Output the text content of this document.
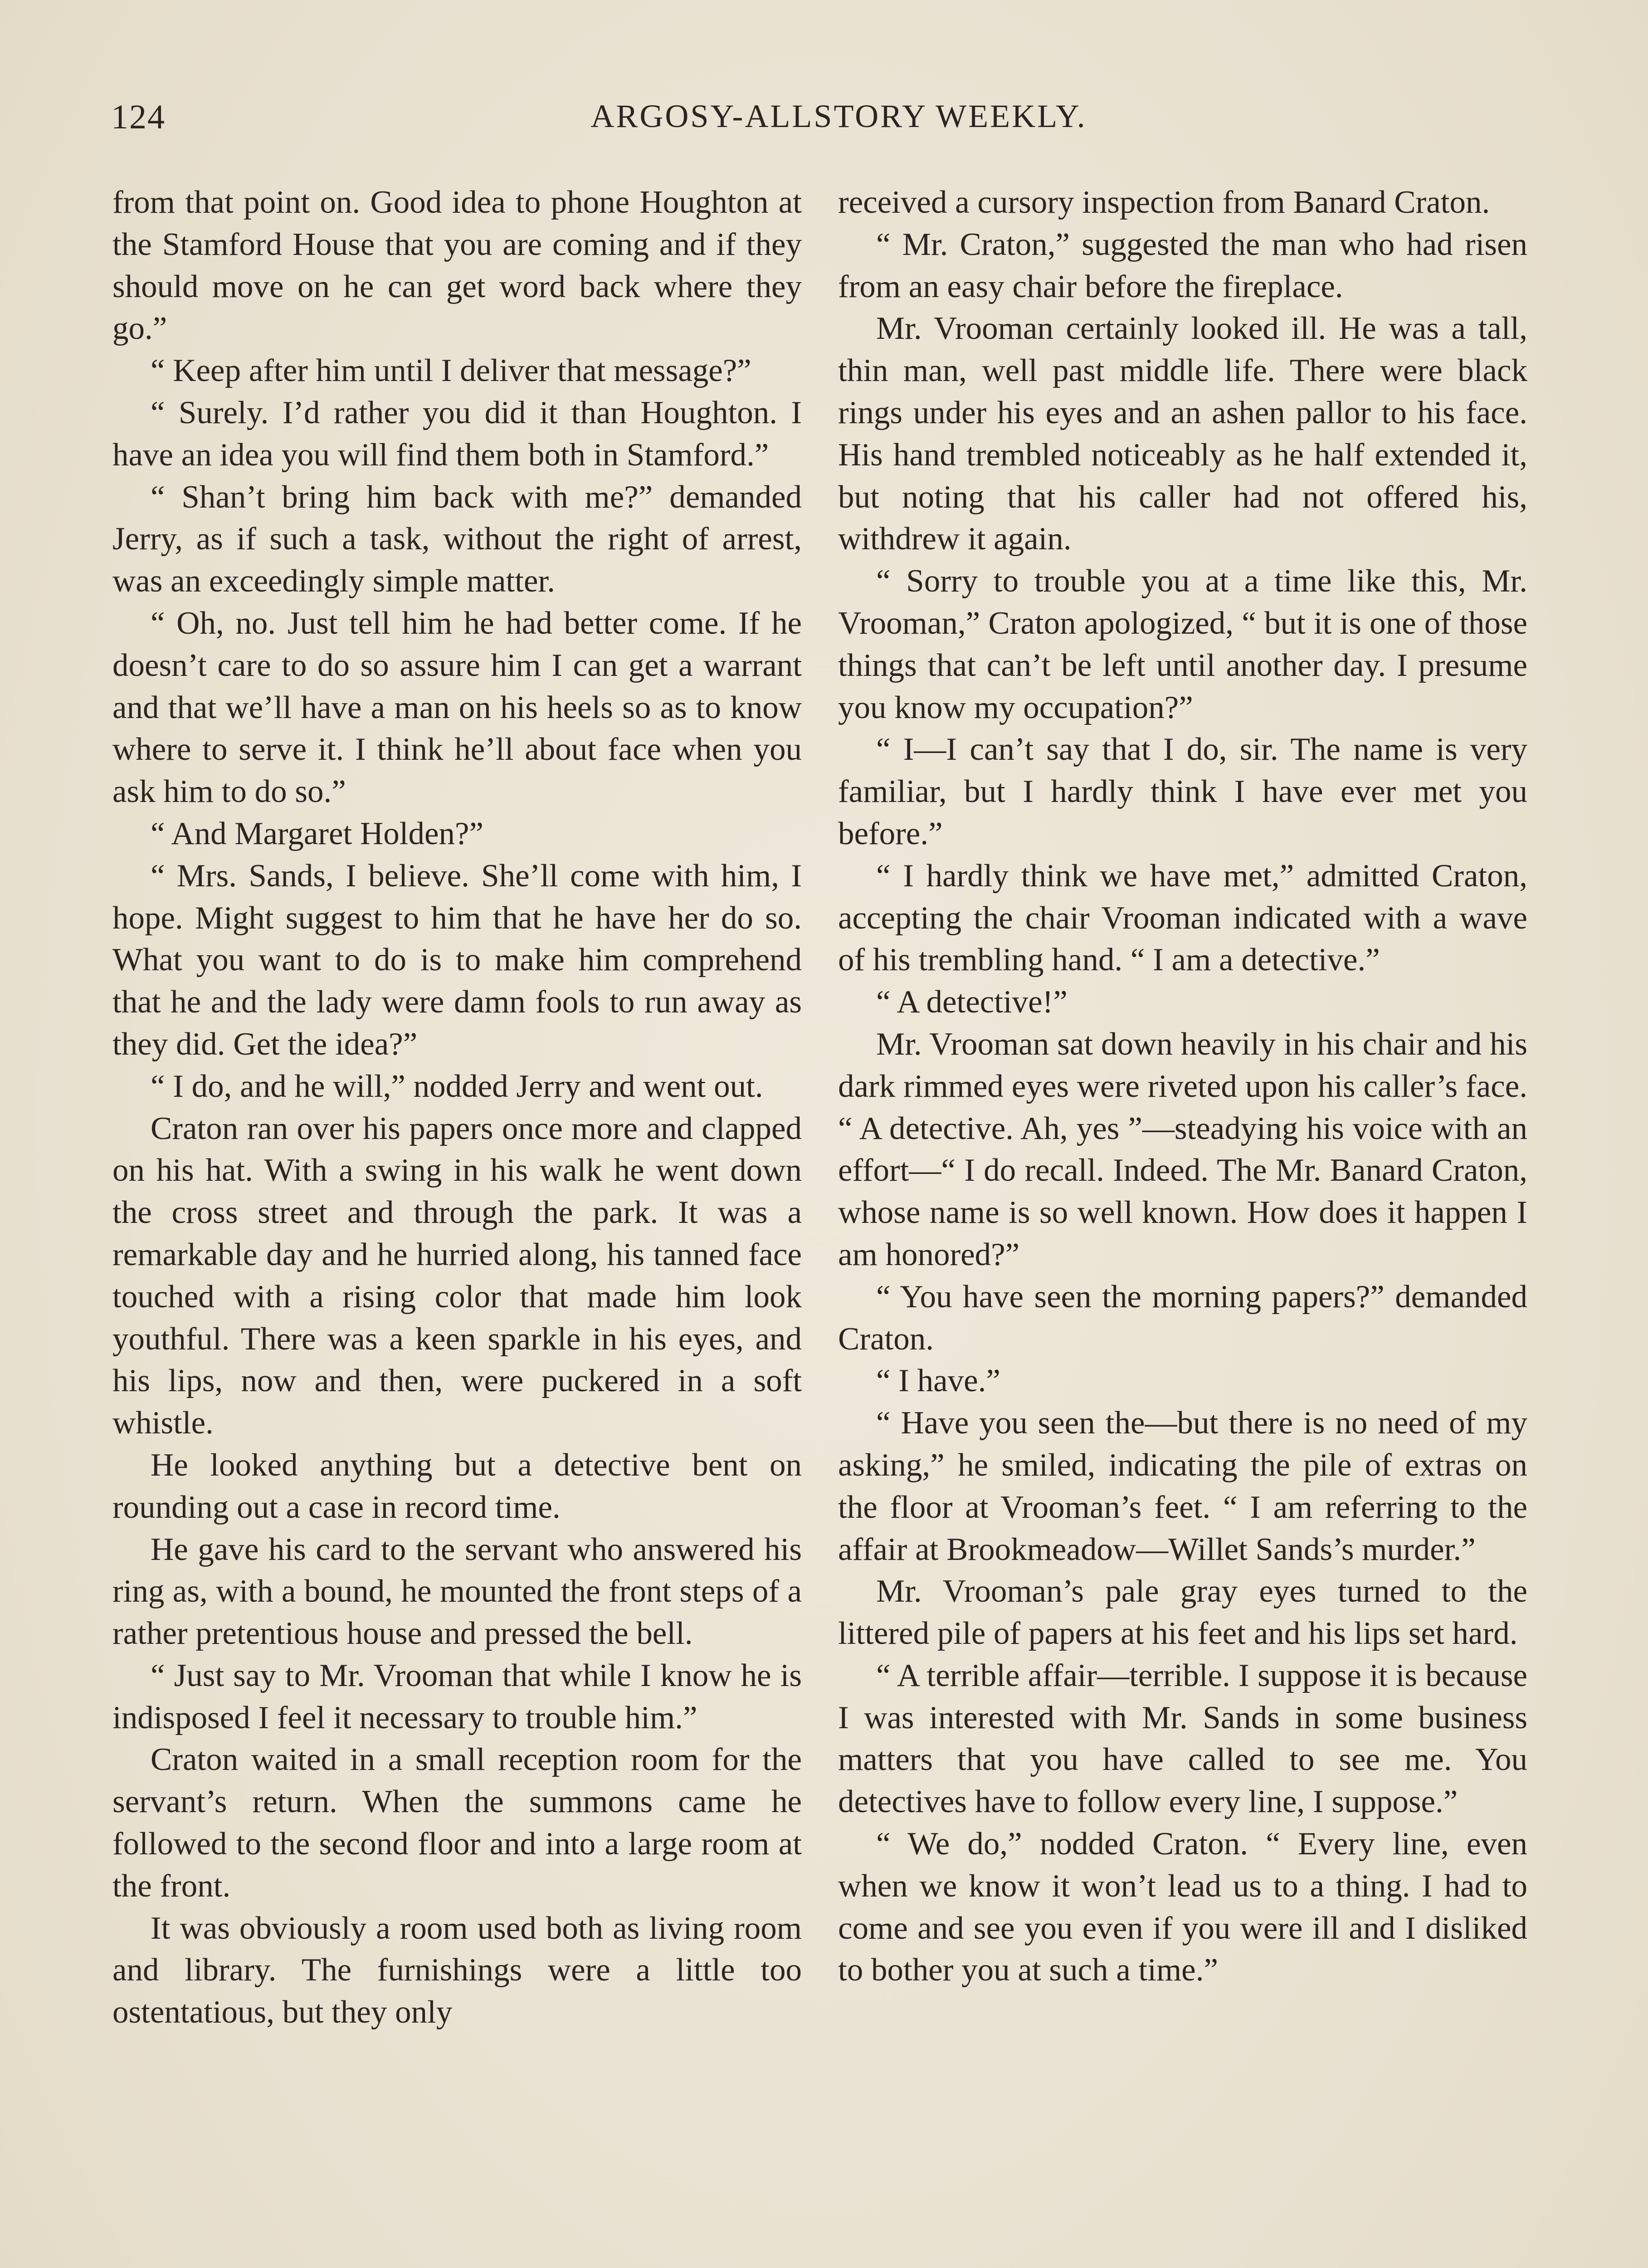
124	ARGOSY-ALLSTORY WEEKLY.

from that point on. Good idea to phone Houghton at the Stamford House that you are coming and if they should move on he can get word back where they go.”

“ Keep after him until I deliver that message?”

“ Surely. I’d rather you did it than Houghton. I have an idea you will find them both in Stamford.”

“ Shan’t bring him back with me?” demanded Jerry, as if such a task, without the right of arrest, was an exceedingly simple matter.

“ Oh, no. Just tell him he had better come. If he doesn’t care to do so assure him I can get a warrant and that we’ll have a man on his heels so as to know where to serve it. I think he’ll about face when you ask him to do so.”

“ And Margaret Holden?”

“ Mrs. Sands, I believe. She’ll come with him, I hope. Might suggest to him that he have her do so. What you want to do is to make him comprehend that he and the lady were damn fools to run away as they did. Get the idea?”

“ I do, and he will,” nodded Jerry and went out.

Craton ran over his papers once more and clapped on his hat. With a swing in his walk he went down the cross street and through the park. It was a remarkable day and he hurried along, his tanned face touched with a rising color that made him look youthful. There was a keen sparkle in his eyes, and his lips, now and then, were puckered in a soft whistle.

He looked anything but a detective bent on rounding out a case in record time.

He gave his card to the servant who answered his ring as, with a bound, he mounted the front steps of a rather pretentious house and pressed the bell.

“ Just say to Mr. Vrooman that while I know he is indisposed I feel it necessary to trouble him.”

Craton waited in a small reception room for the servant’s return. When the summons came he followed to the second floor and into a large room at the front.

It was obviously a room used both as living room and library. The furnishings were a little too ostentatious, but they only

received a cursory inspection from Banard Craton.

“ Mr. Craton,” suggested the man who had risen from an easy chair before the fireplace.

Mr. Vrooman certainly looked ill. He was a tall, thin man, well past middle life. There were black rings under his eyes and an ashen pallor to his face. His hand trembled noticeably as he half extended it, but noting that his caller had not offered his, withdrew it again.

“ Sorry to trouble you at a time like this, Mr. Vrooman,” Craton apologized, “ but it is one of those things that can’t be left until another day. I presume you know my occupation?”

“ I—I can’t say that I do, sir. The name is very familiar, but I hardly think I have ever met you before.”

“ I hardly think we have met,” admitted Craton, accepting the chair Vrooman indicated with a wave of his trembling hand. “ I am a detective.”

“ A detective!”

Mr. Vrooman sat down heavily in his chair and his dark rimmed eyes were riveted upon his caller’s face. “ A detective. Ah, yes ”—steadying his voice with an effort—“ I do recall. Indeed. The Mr. Banard Craton, whose name is so well known. How does it happen I am honored?”

“ You have seen the morning papers?” demanded Craton.

“ I have.”

“ Have you seen the—but there is no need of my asking,” he smiled, indicating the pile of extras on the floor at Vrooman’s feet. “ I am referring to the affair at Brookmeadow—Willet Sands’s murder.”

Mr. Vrooman’s pale gray eyes turned to the littered pile of papers at his feet and his lips set hard.

“ A terrible affair—terrible. I suppose it is because I was interested with Mr. Sands in some business matters that you have called to see me. You detectives have to follow every line, I suppose.”

“ We do,” nodded Craton. “ Every line, even when we know it won’t lead us to a thing. I had to come and see you even if you were ill and I disliked to bother you at such a time.”
